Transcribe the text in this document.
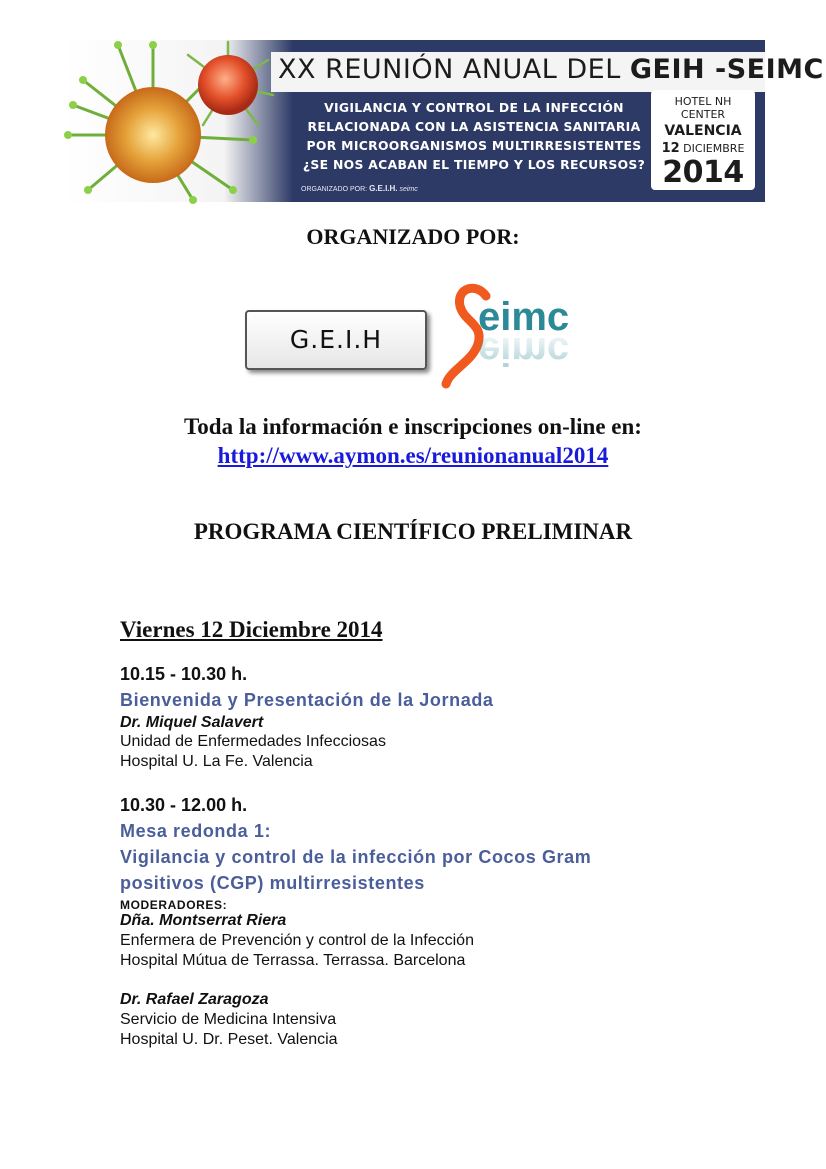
XX REUNIÓN ANUAL DEL GEIH -SEIMC
VIGILANCIA Y CONTROL DE LA INFECCIÓN
RELACIONADA CON LA ASISTENCIA SANITARIA
POR MICROORGANISMOS MULTIRRESISTENTES
¿SE NOS ACABAN EL TIEMPO Y LOS RECURSOS?
ORGANIZADO POR: G.E.I.H. seimc
HOTEL NH CENTER
VALENCIA
12 DICIEMBRE
2014
ORGANIZADO POR:
G.E.I.H
eimc
eimc
Toda la información e inscripciones on-line en:
http://www.aymon.es/reunionanual2014
PROGRAMA CIENTÍFICO PRELIMINAR
Viernes 12 Diciembre 2014
10.15 - 10.30 h.
Bienvenida y Presentación de la Jornada
Dr. Miquel Salavert
Unidad de Enfermedades Infecciosas
Hospital U. La Fe. Valencia
10.30 - 12.00 h.
Mesa redonda 1:
Vigilancia y control de la infección por Cocos Gram
positivos (CGP) multirresistentes
MODERADORES:
Dña. Montserrat Riera
Enfermera de Prevención y control de la Infección
Hospital Mútua de Terrassa. Terrassa. Barcelona
Dr. Rafael Zaragoza
Servicio de Medicina Intensiva
Hospital U. Dr. Peset. Valencia
